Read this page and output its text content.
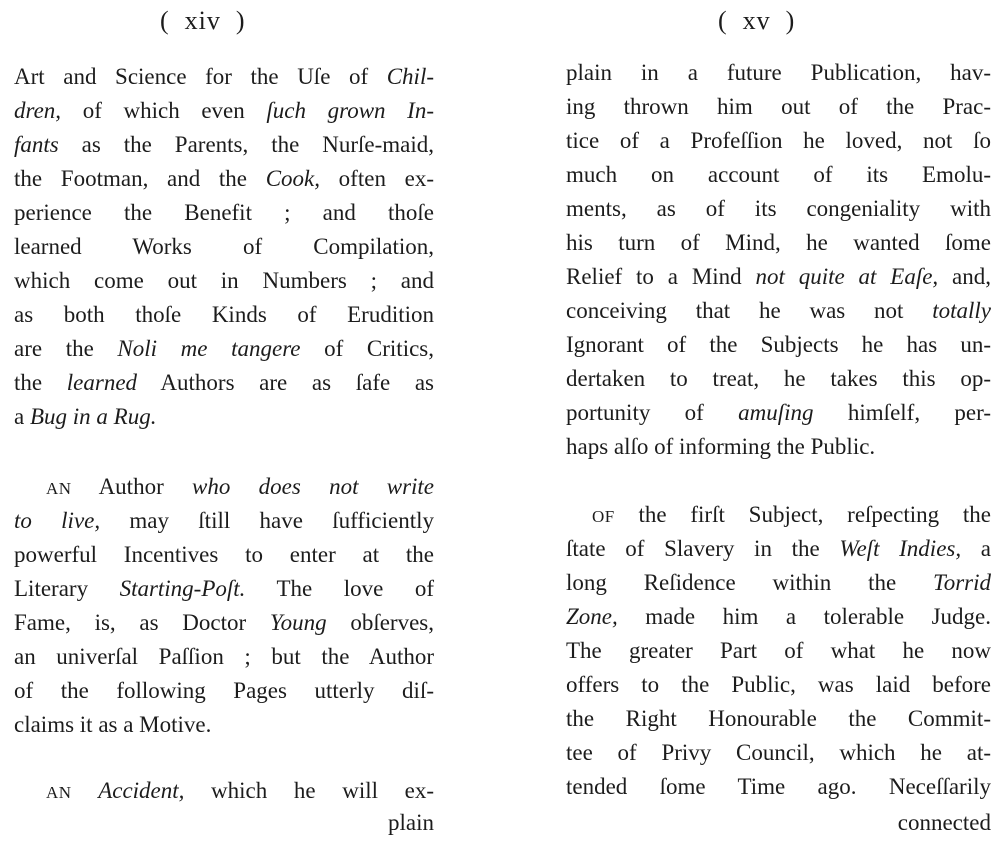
(  xiv  )
Art and Science for the Uſe of Chil-
dren, of which even ſuch grown In-
fants as the Parents, the Nurſe-maid,
the Footman, and the Cook, often ex-
perience the Benefit ; and thoſe
learned Works of Compilation,
which come out in Numbers ; and
as both thoſe Kinds of Erudition
are the Noli me tangere of Critics,
the learned Authors are as ſafe as
a Bug in a Rug.
AN Author who does not write
to live, may ſtill have ſufficiently
powerful Incentives to enter at the
Literary Starting-Poſt. The love of
Fame, is, as Doctor Young obſerves,
an univerſal Paſſion ; but the Author
of the following Pages utterly diſ-
claims it as a Motive.
AN Accident, which he will ex-
plain
(  xv  )
plain in a future Publication, hav-
ing thrown him out of the Prac-
tice of a Profeſſion he loved, not ſo
much on account of its Emolu-
ments, as of its congeniality with
his turn of Mind, he wanted ſome
Relief to a Mind not quite at Eaſe, and,
conceiving that he was not totally
Ignorant of the Subjects he has un-
dertaken to treat, he takes this op-
portunity of amuſing himſelf, per-
haps alſo of informing the Public.
OF the firſt Subject, reſpecting the
ſtate of Slavery in the Weſt Indies, a
long Reſidence within the Torrid
Zone, made him a tolerable Judge.
The greater Part of what he now
offers to the Public, was laid before
the Right Honourable the Commit-
tee of Privy Council, which he at-
tended ſome Time ago. Neceſſarily
connected
